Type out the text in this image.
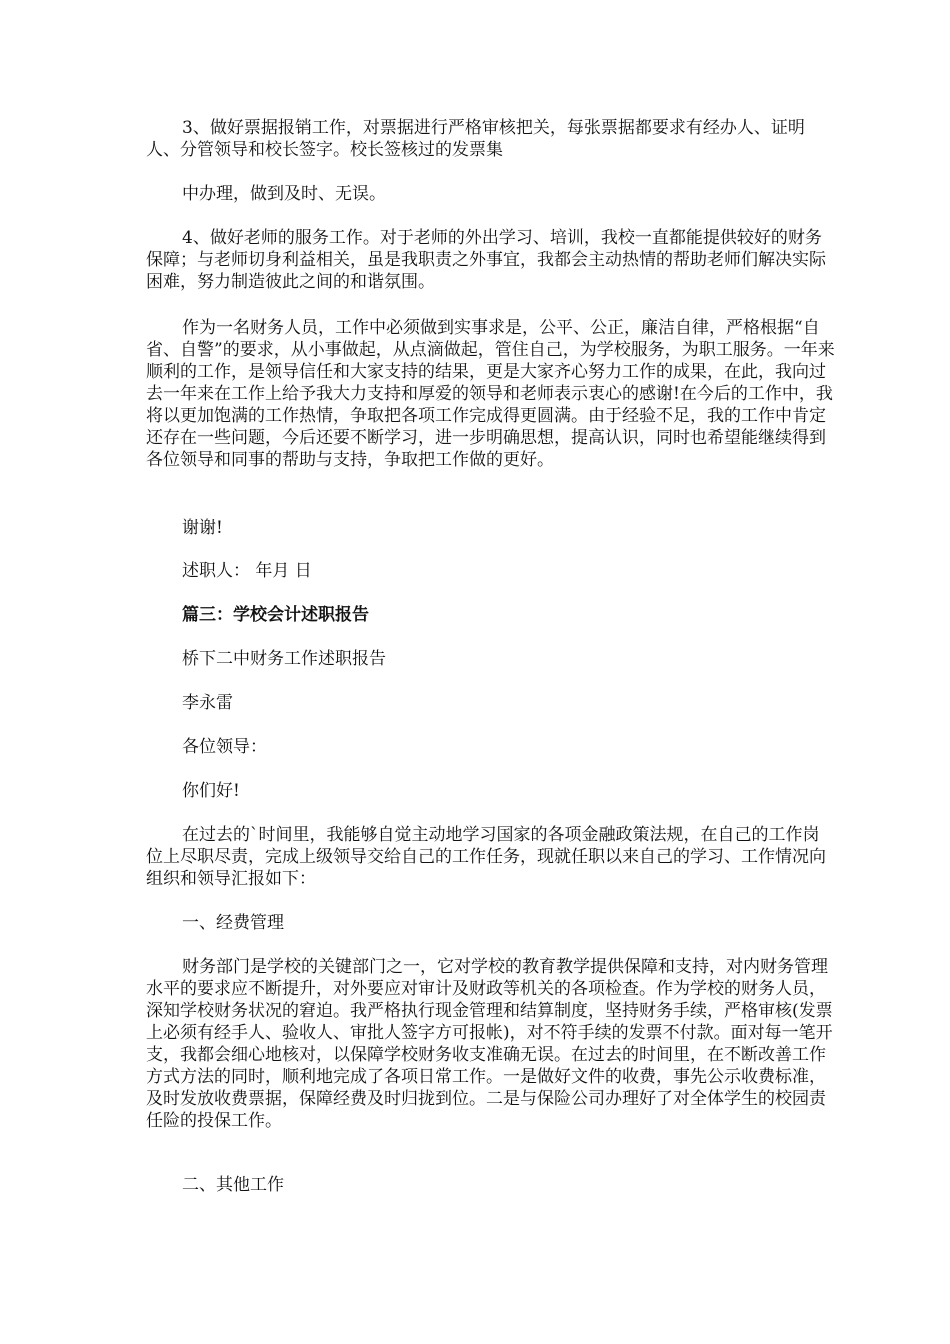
3、做好票据报销工作，对票据进行严格审核把关，每张票据都要求有经办人、证明人、分管领导和校长签字。校长签核过的发票集

中办理，做到及时、无误。

4、做好老师的服务工作。对于老师的外出学习、培训，我校一直都能提供较好的财务保障；与老师切身利益相关，虽是我职责之外事宜，我都会主动热情的帮助老师们解决实际困难，努力制造彼此之间的和谐氛围。

作为一名财务人员，工作中必须做到实事求是，公平、公正，廉洁自律，严格根据“自省、自警”的要求，从小事做起，从点滴做起，管住自己，为学校服务，为职工服务。一年来顺利的工作，是领导信任和大家支持的结果，更是大家齐心努力工作的成果，在此，我向过去一年来在工作上给予我大力支持和厚爱的领导和老师表示衷心的感谢!在今后的工作中，我将以更加饱满的工作热情，争取把各项工作完成得更圆满。由于经验不足，我的工作中肯定还存在一些问题，今后还要不断学习，进一步明确思想，提高认识，同时也希望能继续得到各位领导和同事的帮助与支持，争取把工作做的更好。

谢谢!

述职人： 年月 日

篇三：学校会计述职报告

桥下二中财务工作述职报告

李永雷

各位领导：

你们好!

在过去的`时间里，我能够自觉主动地学习国家的各项金融政策法规，在自己的工作岗位上尽职尽责，完成上级领导交给自己的工作任务，现就任职以来自己的学习、工作情况向组织和领导汇报如下：

一、经费管理

财务部门是学校的关键部门之一，它对学校的教育教学提供保障和支持，对内财务管理水平的要求应不断提升，对外要应对审计及财政等机关的各项检查。作为学校的财务人员，深知学校财务状况的窘迫。我严格执行现金管理和结算制度，坚持财务手续，严格审核(发票上必须有经手人、验收人、审批人签字方可报帐)，对不符手续的发票不付款。面对每一笔开支，我都会细心地核对，以保障学校财务收支准确无误。在过去的时间里，在不断改善工作方式方法的同时，顺利地完成了各项日常工作。一是做好文件的收费，事先公示收费标准，及时发放收费票据，保障经费及时归拢到位。二是与保险公司办理好了对全体学生的校园责任险的投保工作。

二、其他工作
